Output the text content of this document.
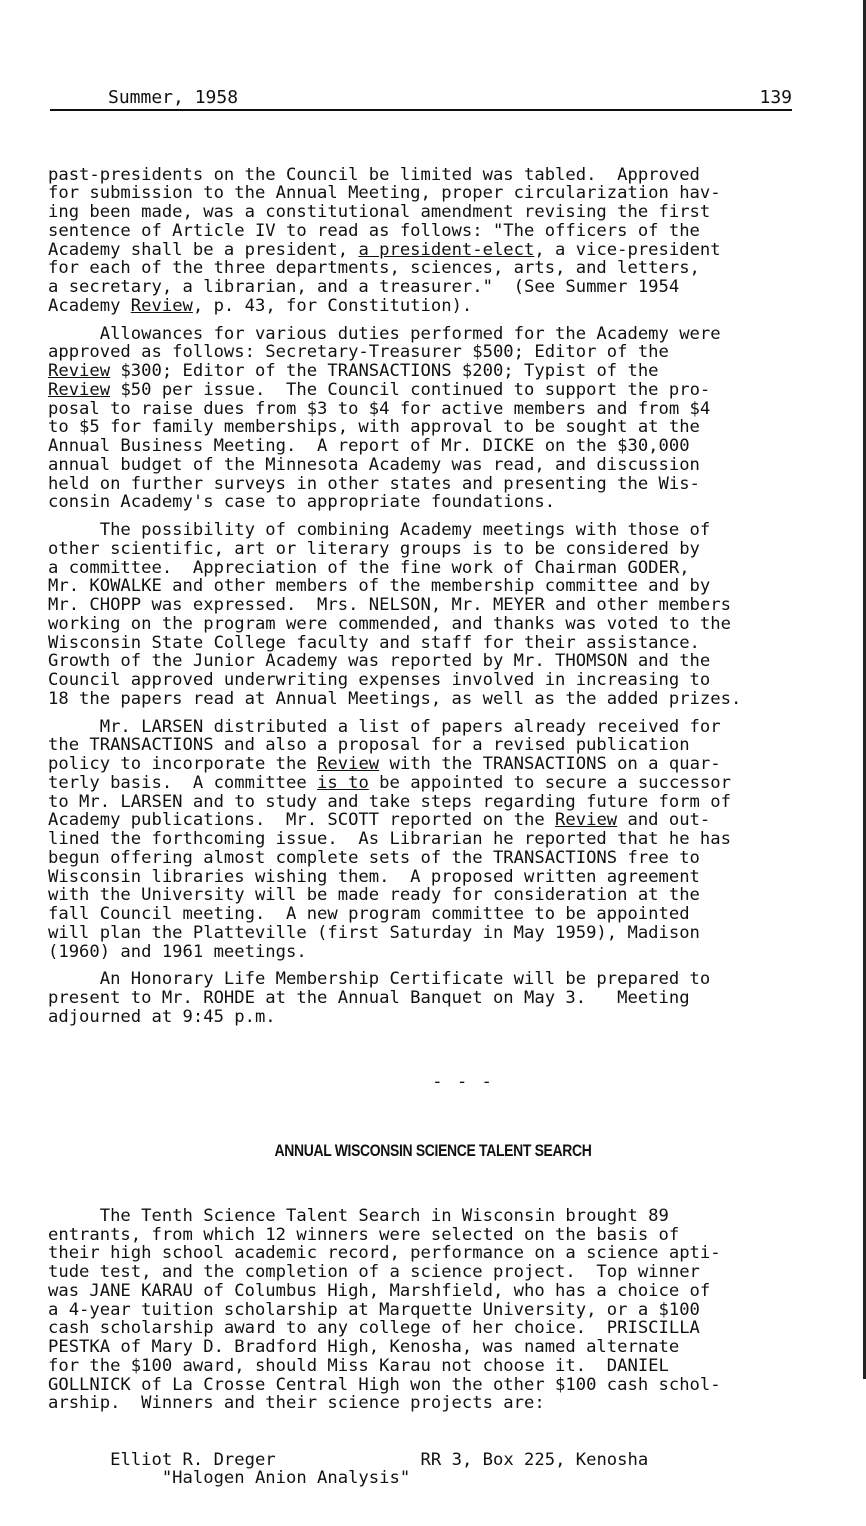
Summer, 1958	139

past-presidents on the Council be limited was tabled.  Approved
for submission to the Annual Meeting, proper circularization hav-
ing been made, was a constitutional amendment revising the first
sentence of Article IV to read as follows: "The officers of the
Academy shall be a president, a president-elect, a vice-president
for each of the three departments, sciences, arts, and letters,
a secretary, a librarian, and a treasurer."  (See Summer 1954
Academy Review, p. 43, for Constitution).
Allowances for various duties performed for the Academy were
approved as follows: Secretary-Treasurer $500; Editor of the
Review $300; Editor of the TRANSACTIONS $200; Typist of the
Review $50 per issue.  The Council continued to support the pro-
posal to raise dues from $3 to $4 for active members and from $4
to $5 for family memberships, with approval to be sought at the
Annual Business Meeting.  A report of Mr. DICKE on the $30,000
annual budget of the Minnesota Academy was read, and discussion
held on further surveys in other states and presenting the Wis-
consin Academy's case to appropriate foundations.
The possibility of combining Academy meetings with those of
other scientific, art or literary groups is to be considered by
a committee.  Appreciation of the fine work of Chairman GODER,
Mr. KOWALKE and other members of the membership committee and by
Mr. CHOPP was expressed.  Mrs. NELSON, Mr. MEYER and other members
working on the program were commended, and thanks was voted to the
Wisconsin State College faculty and staff for their assistance.
Growth of the Junior Academy was reported by Mr. THOMSON and the
Council approved underwriting expenses involved in increasing to
18 the papers read at Annual Meetings, as well as the added prizes.
Mr. LARSEN distributed a list of papers already received for
the TRANSACTIONS and also a proposal for a revised publication
policy to incorporate the Review with the TRANSACTIONS on a quar-
terly basis.  A committee is to be appointed to secure a successor
to Mr. LARSEN and to study and take steps regarding future form of
Academy publications.  Mr. SCOTT reported on the Review and out-
lined the forthcoming issue.  As Librarian he reported that he has
begun offering almost complete sets of the TRANSACTIONS free to
Wisconsin libraries wishing them.  A proposed written agreement
with the University will be made ready for consideration at the
fall Council meeting.  A new program committee to be appointed
will plan the Platteville (first Saturday in May 1959), Madison
(1960) and 1961 meetings.
An Honorary Life Membership Certificate will be prepared to
present to Mr. ROHDE at the Annual Banquet on May 3.   Meeting
adjourned at 9:45 p.m.

- - -

ANNUAL WISCONSIN SCIENCE TALENT SEARCH

The Tenth Science Talent Search in Wisconsin brought 89
entrants, from which 12 winners were selected on the basis of
their high school academic record, performance on a science apti-
tude test, and the completion of a science project.  Top winner
was JANE KARAU of Columbus High, Marshfield, who has a choice of
a 4-year tuition scholarship at Marquette University, or a $100
cash scholarship award to any college of her choice.  PRISCILLA
PESTKA of Mary D. Bradford High, Kenosha, was named alternate
for the $100 award, should Miss Karau not choose it.  DANIEL
GOLLNICK of La Crosse Central High won the other $100 cash schol-
arship.  Winners and their science projects are:

Elliot R. Dreger	RR 3, Box 225, Kenosha
"Halogen Anion Analysis"
